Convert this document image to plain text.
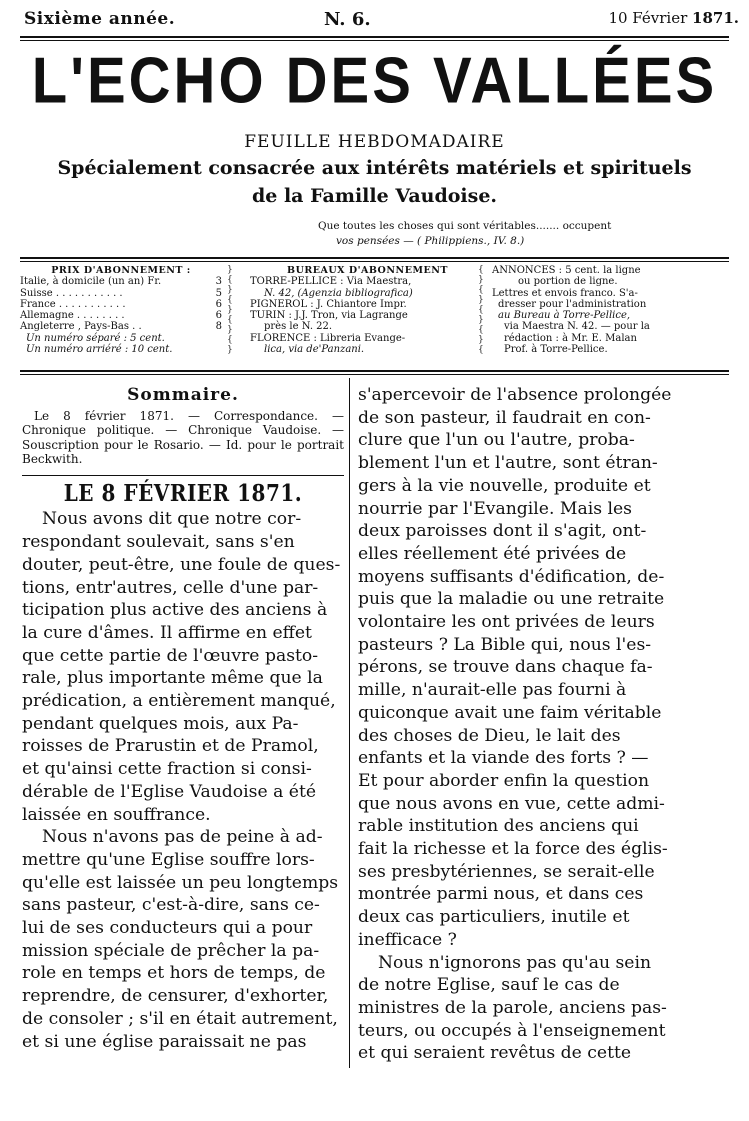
Sixième année.	N. 6.	10 Février 1871.
L'ECHO DES VALLÉES
FEUILLE HEBDOMADAIRE
Spécialement consacrée aux intérêts matériels et spirituels
de la Famille Vaudoise.
Que toutes les choses qui sont véritables....... occupent
vos pensées — ( Philippiens., IV. 8.)
PRIX D'ABONNEMENT :
Italie, à domicile (un an) Fr.	3
Suisse . . . . . . . . . . .	5
France . . . . . . . . . . .	6
Allemagne . . . . . . . .	6
Angleterre , Pays-Bas . .	8
Un numéro séparé : 5 cent.
Un numéro arriéré : 10 cent.
}
{
}
{
}
{
}
{
}
BUREAUX D'ABONNEMENT
TORRE-PELLICE : Via Maestra,
N. 42, (Agenzia bibliografica)
PIGNEROL : J. Chiantore Impr.
TURIN : J.J. Tron, via Lagrange
près le N. 22.
FLORENCE : Libreria Evange-
lica, via de'Panzani.
{
}
{
}
{
}
{
}
{
ANNONCES : 5 cent. la ligne
ou portion de ligne.
Lettres et envois franco. S'a-
dresser pour l'administration
au Bureau à Torre-Pellice,
via Maestra N. 42. — pour la
rédaction : à Mr. E. Malan
Prof. à Torre-Pellice.
Sommaire.
Le 8 février 1871. — Correspondance. — Chronique politique. — Chronique Vaudoise. — Souscription pour le Rosario. — Id. pour le portrait Beckwith.
LE 8 FÉVRIER 1871.
Nous avons dit que notre cor-
respondant soulevait, sans s'en
douter, peut-être, une foule de ques-
tions, entr'autres, celle d'une par-
ticipation plus active des anciens à
la cure d'âmes. Il affirme en effet
que cette partie de l'œuvre pasto-
rale, plus importante même que la
prédication, a entièrement manqué,
pendant quelques mois, aux Pa-
roisses de Prarustin et de Pramol,
et qu'ainsi cette fraction si consi-
dérable de l'Eglise Vaudoise a été
laissée en souffrance.
Nous n'avons pas de peine à ad-
mettre qu'une Eglise souffre lors-
qu'elle est laissée un peu longtemps
sans pasteur, c'est-à-dire, sans ce-
lui de ses conducteurs qui a pour
mission spéciale de prêcher la pa-
role en temps et hors de temps, de
reprendre, de censurer, d'exhorter,
de consoler ; s'il en était autrement,
et si une église paraissait ne pas
s'apercevoir de l'absence prolongée
de son pasteur, il faudrait en con-
clure que l'un ou l'autre, proba-
blement l'un et l'autre, sont étran-
gers à la vie nouvelle, produite et
nourrie par l'Evangile. Mais les
deux paroisses dont il s'agit, ont-
elles réellement été privées de
moyens suffisants d'édification, de-
puis que la maladie ou une retraite
volontaire les ont privées de leurs
pasteurs ? La Bible qui, nous l'es-
pérons, se trouve dans chaque fa-
mille, n'aurait-elle pas fourni à
quiconque avait une faim véritable
des choses de Dieu, le lait des
enfants et la viande des forts ? —
Et pour aborder enfin la question
que nous avons en vue, cette admi-
rable institution des anciens qui
fait la richesse et la force des églis-
ses presbytériennes, se serait-elle
montrée parmi nous, et dans ces
deux cas particuliers, inutile et
inefficace ?
Nous n'ignorons pas qu'au sein
de notre Eglise, sauf le cas de
ministres de la parole, anciens pas-
teurs, ou occupés à l'enseignement
et qui seraient revêtus de cette
